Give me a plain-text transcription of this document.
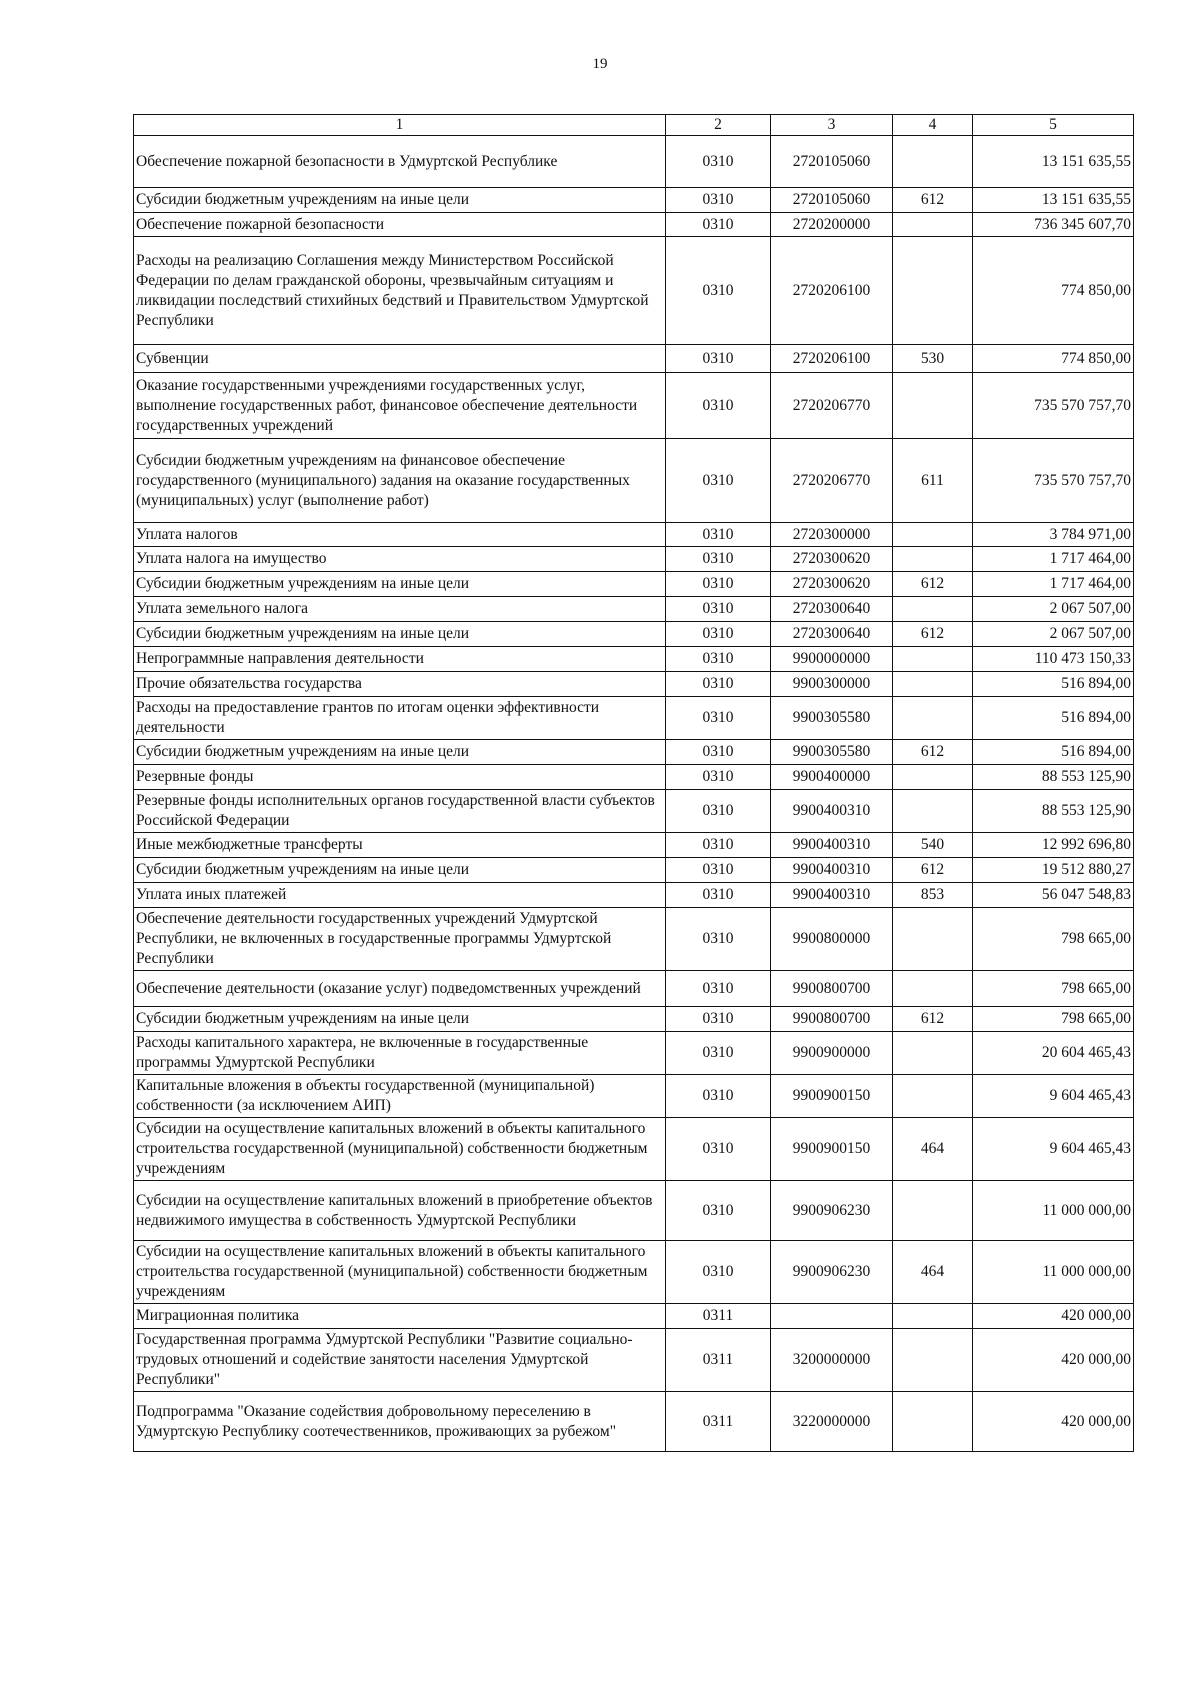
19
1	2	3	4	5
Обеспечение пожарной безопасности в Удмуртской Республике	0310	2720105060		13 151 635,55
Субсидии бюджетным учреждениям на иные цели	0310	2720105060	612	13 151 635,55
Обеспечение пожарной безопасности	0310	2720200000		736 345 607,70
Расходы на реализацию Соглашения между Министерством Российской Федерации по делам гражданской обороны, чрезвычайным ситуациям и ликвидации последствий стихийных бедствий и Правительством Удмуртской Республики	0310	2720206100		774 850,00
Субвенции	0310	2720206100	530	774 850,00
Оказание государственными учреждениями государственных услуг, выполнение государственных работ, финансовое обеспечение деятельности государственных учреждений	0310	2720206770		735 570 757,70
Субсидии бюджетным учреждениям на финансовое обеспечение государственного (муниципального) задания на оказание государственных (муниципальных) услуг (выполнение работ)	0310	2720206770	611	735 570 757,70
Уплата налогов	0310	2720300000		3 784 971,00
Уплата налога на имущество	0310	2720300620		1 717 464,00
Субсидии бюджетным учреждениям на иные цели	0310	2720300620	612	1 717 464,00
Уплата земельного налога	0310	2720300640		2 067 507,00
Субсидии бюджетным учреждениям на иные цели	0310	2720300640	612	2 067 507,00
Непрограммные направления деятельности	0310	9900000000		110 473 150,33
Прочие обязательства государства	0310	9900300000		516 894,00
Расходы на предоставление грантов по итогам оценки эффективности деятельности	0310	9900305580		516 894,00
Субсидии бюджетным учреждениям на иные цели	0310	9900305580	612	516 894,00
Резервные фонды	0310	9900400000		88 553 125,90
Резервные фонды исполнительных органов государственной власти субъектов Российской Федерации	0310	9900400310		88 553 125,90
Иные межбюджетные трансферты	0310	9900400310	540	12 992 696,80
Субсидии бюджетным учреждениям на иные цели	0310	9900400310	612	19 512 880,27
Уплата иных платежей	0310	9900400310	853	56 047 548,83
Обеспечение деятельности государственных учреждений Удмуртской Республики, не включенных в государственные программы Удмуртской Республики	0310	9900800000		798 665,00
Обеспечение деятельности (оказание услуг) подведомственных учреждений	0310	9900800700		798 665,00
Субсидии бюджетным учреждениям на иные цели	0310	9900800700	612	798 665,00
Расходы капитального характера, не включенные в государственные программы Удмуртской Республики	0310	9900900000		20 604 465,43
Капитальные вложения в объекты государственной (муниципальной) собственности (за исключением АИП)	0310	9900900150		9 604 465,43
Субсидии на осуществление капитальных вложений в объекты капитального строительства государственной (муниципальной) собственности бюджетным учреждениям	0310	9900900150	464	9 604 465,43
Субсидии на осуществление капитальных вложений в приобретение объектов недвижимого имущества в собственность Удмуртской Республики	0310	9900906230		11 000 000,00
Субсидии на осуществление капитальных вложений в объекты капитального строительства государственной (муниципальной) собственности бюджетным учреждениям	0310	9900906230	464	11 000 000,00
Миграционная политика	0311			420 000,00
Государственная программа Удмуртской Республики "Развитие социально-трудовых отношений и содействие занятости населения Удмуртской Республики"	0311	3200000000		420 000,00
Подпрограмма "Оказание содействия добровольному переселению в Удмуртскую Республику соотечественников, проживающих за рубежом"	0311	3220000000		420 000,00
